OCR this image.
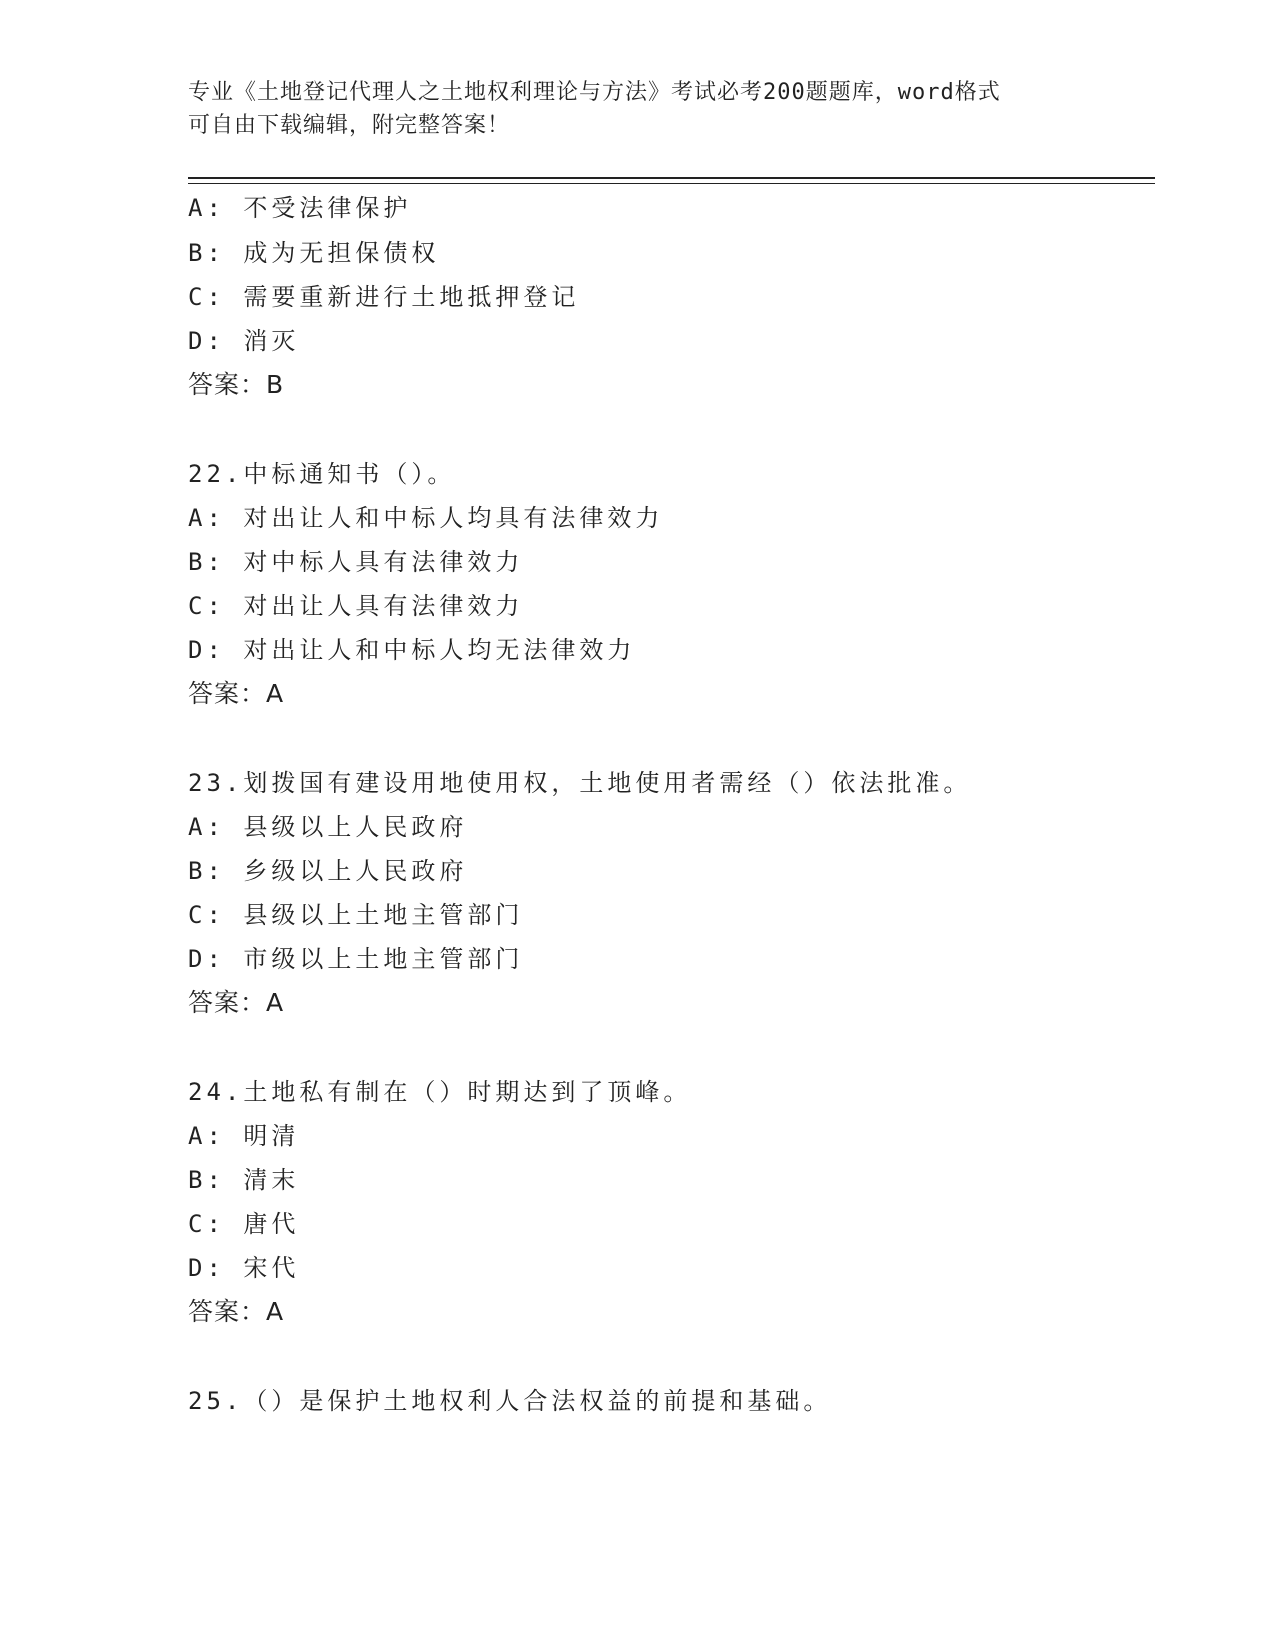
专业《土地登记代理人之土地权利理论与方法》考试必考200题题库，word格式
可自由下载编辑，附完整答案！
A: 不受法律保护
B: 成为无担保债权
C: 需要重新进行土地抵押登记
D: 消灭
答案：B
22.中标通知书（）。
A: 对出让人和中标人均具有法律效力
B: 对中标人具有法律效力
C: 对出让人具有法律效力
D: 对出让人和中标人均无法律效力
答案：A
23.划拨国有建设用地使用权，土地使用者需经（）依法批准。
A: 县级以上人民政府
B: 乡级以上人民政府
C: 县级以上土地主管部门
D: 市级以上土地主管部门
答案：A
24.土地私有制在（）时期达到了顶峰。
A: 明清
B: 清末
C: 唐代
D: 宋代
答案：A
25.（）是保护土地权利人合法权益的前提和基础。
